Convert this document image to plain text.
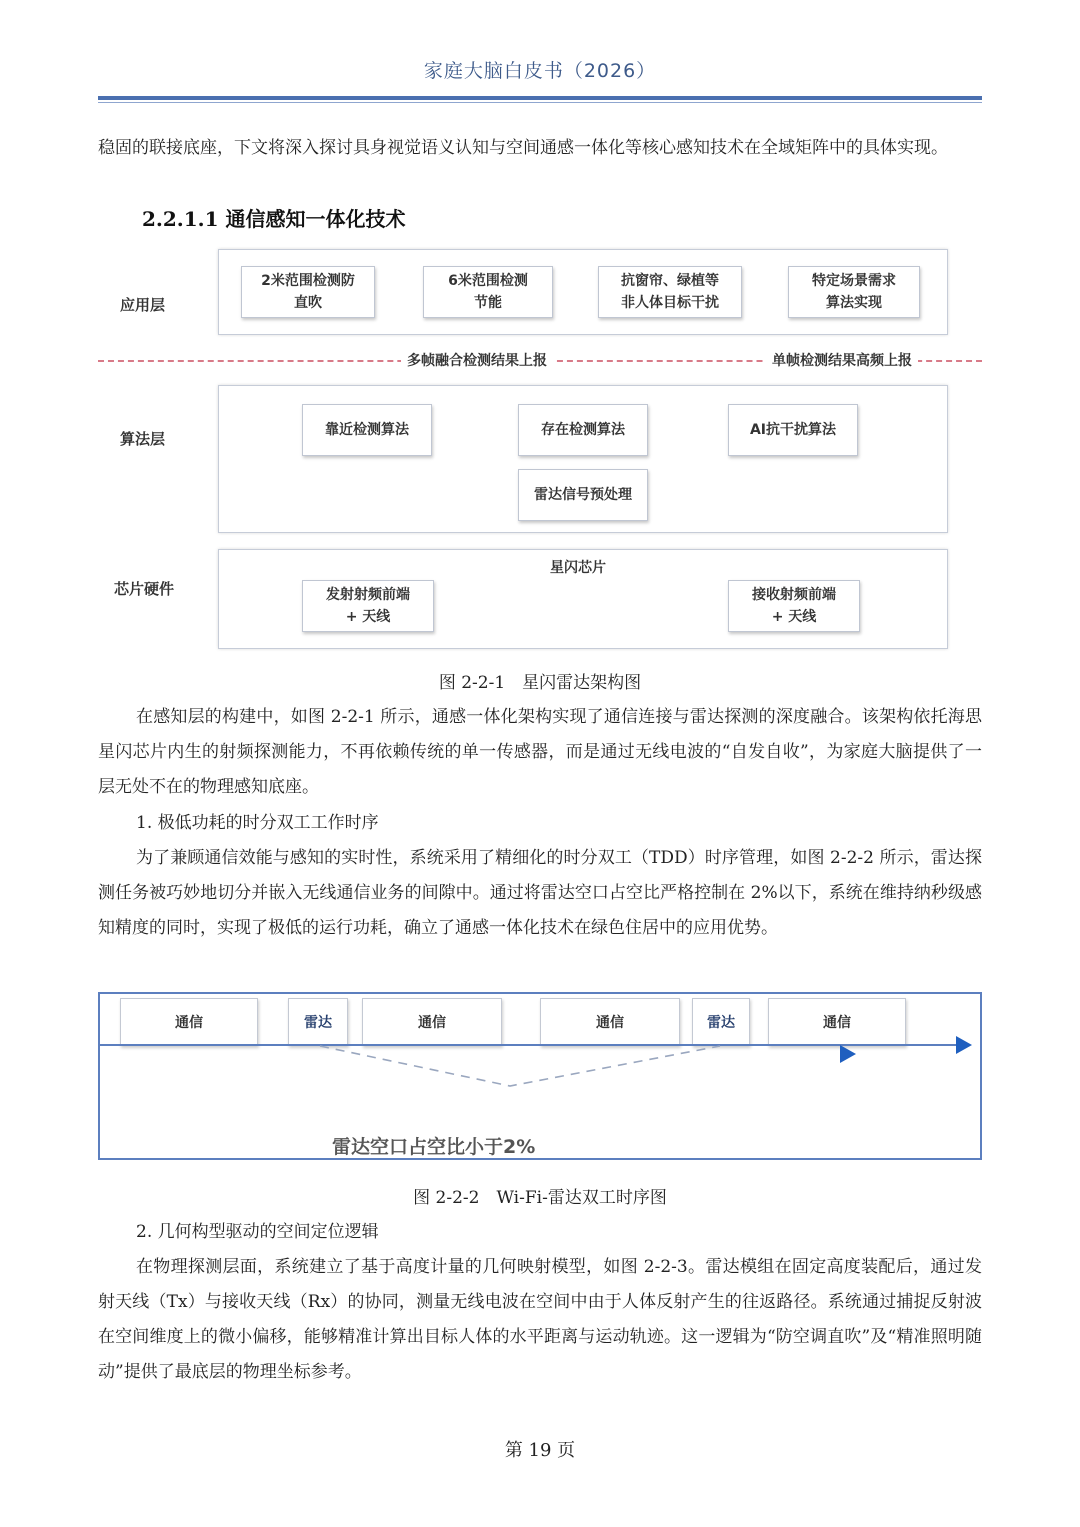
家庭大脑白皮书（2026）

稳固的联接底座，下文将深入探讨具身视觉语义认知与空间通感一体化等核心感知技术在全域矩阵中的具体实现。

2.2.1.1 通信感知一体化技术
应用层
2米范围检测防
直吹
6米范围检测
节能
抗窗帘、绿植等
非人体目标干扰
特定场景需求
算法实现
多帧融合检测结果上报	单帧检测结果高频上报
算法层	靠近检测算法	存在检测算法	AI抗干扰算法
雷达信号预处理
芯片硬件
星闪芯片
发射射频前端
+ 天线
接收射频前端
+ 天线
图 2-2-1　星闪雷达架构图

在感知层的构建中，如图 2-2-1 所示，通感一体化架构实现了通信连接与雷达探测的深度融合。该架构依托海思星闪芯片内生的射频探测能力，不再依赖传统的单一传感器，而是通过无线电波的“自发自收”，为家庭大脑提供了一层无处不在的物理感知底座。

1. 极低功耗的时分双工工作时序

为了兼顾通信效能与感知的实时性，系统采用了精细化的时分双工（TDD）时序管理，如图 2-2-2 所示，雷达探测任务被巧妙地切分并嵌入无线通信业务的间隙中。通过将雷达空口占空比严格控制在 2%以下，系统在维持纳秒级感知精度的同时，实现了极低的运行功耗，确立了通感一体化技术在绿色住居中的应用优势。

通信	雷达	通信	通信	雷达	通信
雷达空口占空比小于2%
图 2-2-2　Wi-Fi-雷达双工时序图

2. 几何构型驱动的空间定位逻辑

在物理探测层面，系统建立了基于高度计量的几何映射模型，如图 2-2-3。雷达模组在固定高度装配后，通过发射天线（Tx）与接收天线（Rx）的协同，测量无线电波在空间中由于人体反射产生的往返路径。系统通过捕捉反射波在空间维度上的微小偏移，能够精准计算出目标人体的水平距离与运动轨迹。这一逻辑为“防空调直吹”及“精准照明随动”提供了最底层的物理坐标参考。

第 19 页
